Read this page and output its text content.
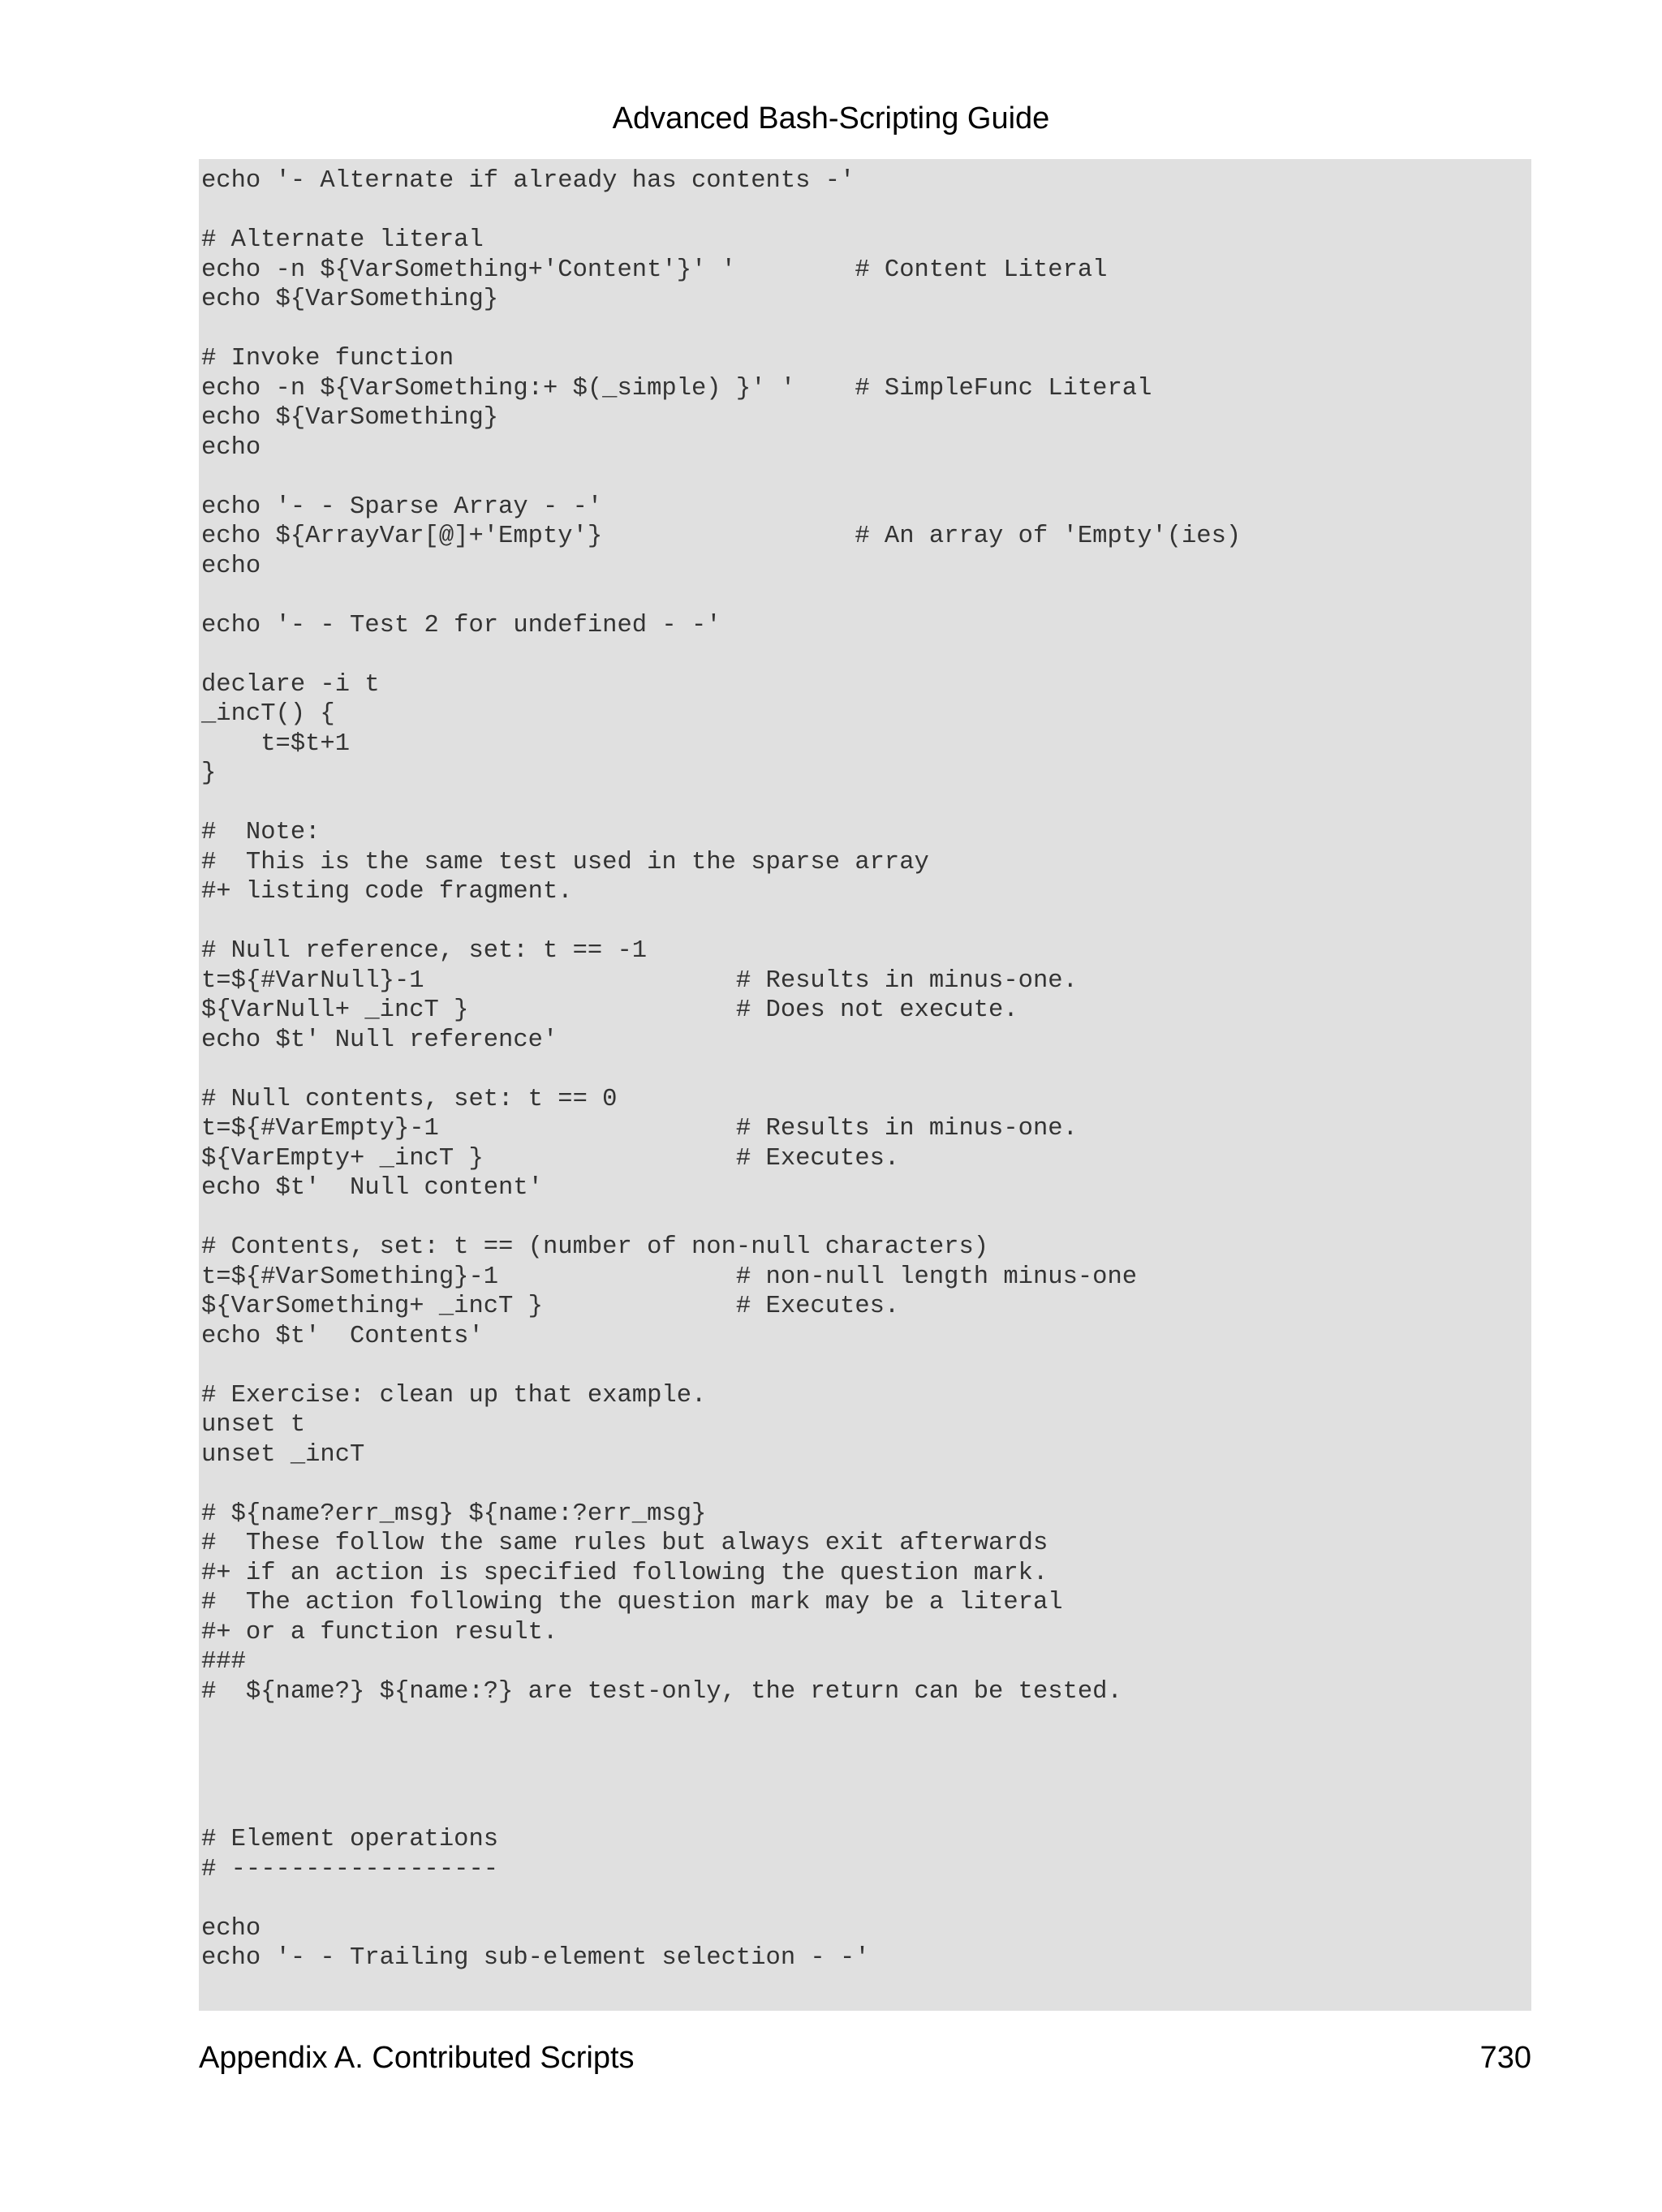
Advanced Bash-Scripting Guide
echo '- Alternate if already has contents -'
# Alternate literal
echo -n ${VarSomething+'Content'}' '        # Content Literal
echo ${VarSomething}
# Invoke function
echo -n ${VarSomething:+ $(_simple) }' '    # SimpleFunc Literal
echo ${VarSomething}
echo
echo '- - Sparse Array - -'
echo ${ArrayVar[@]+'Empty'}                 # An array of 'Empty'(ies)
echo
echo '- - Test 2 for undefined - -'
declare -i t
_incT() {
t=$t+1
}
#  Note:
#  This is the same test used in the sparse array
#+ listing code fragment.
# Null reference, set: t == -1
t=${#VarNull}-1                     # Results in minus-one.
${VarNull+ _incT }                  # Does not execute.
echo $t' Null reference'
# Null contents, set: t == 0
t=${#VarEmpty}-1                    # Results in minus-one.
${VarEmpty+ _incT }                 # Executes.
echo $t'  Null content'
# Contents, set: t == (number of non-null characters)
t=${#VarSomething}-1                # non-null length minus-one
${VarSomething+ _incT }             # Executes.
echo $t'  Contents'
# Exercise: clean up that example.
unset t
unset _incT
# ${name?err_msg} ${name:?err_msg}
#  These follow the same rules but always exit afterwards
#+ if an action is specified following the question mark.
#  The action following the question mark may be a literal
#+ or a function result.
###
#  ${name?} ${name:?} are test-only, the return can be tested.
# Element operations
# ------------------
echo
echo '- - Trailing sub-element selection - -'
Appendix A. Contributed Scripts	730
